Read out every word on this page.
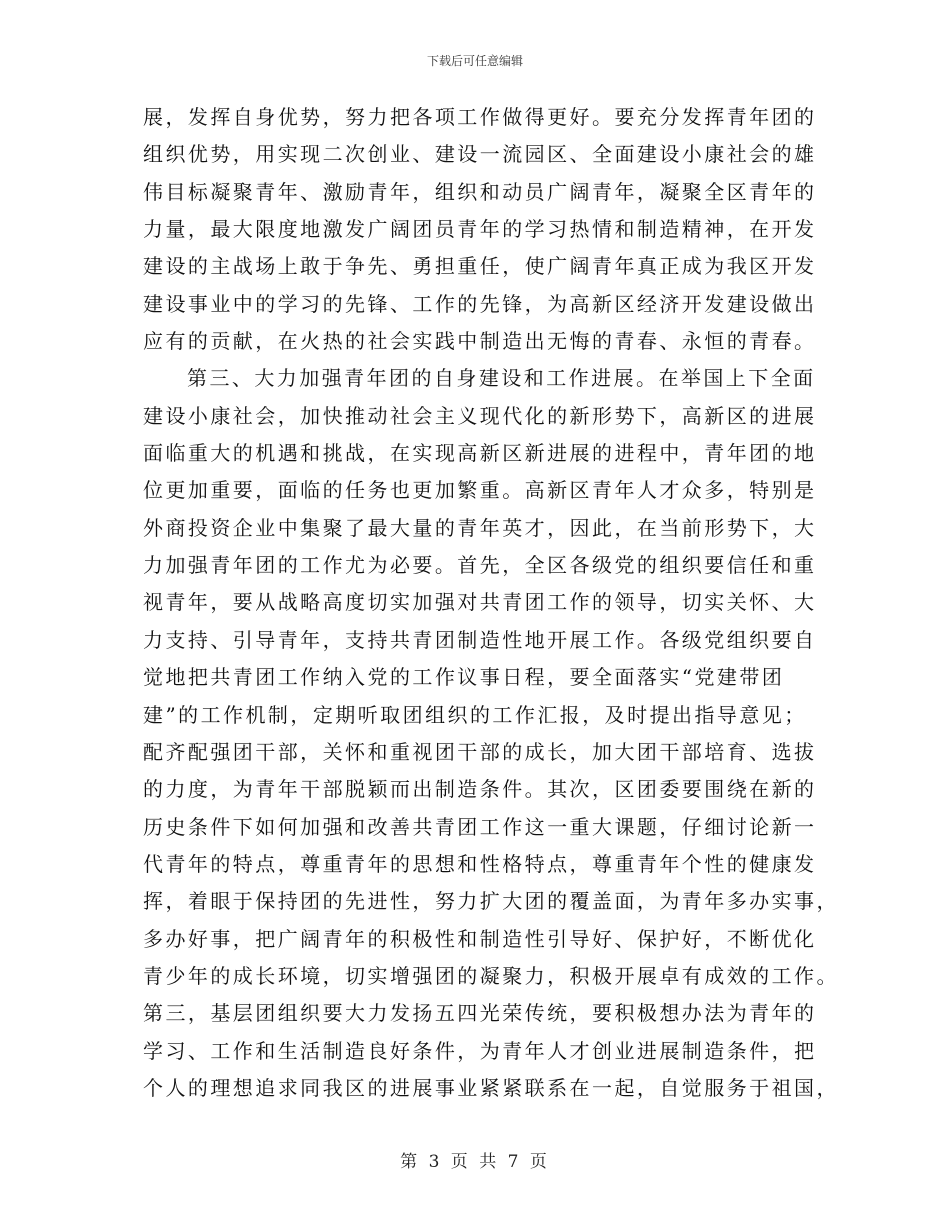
下载后可任意编辑
展，发挥自身优势，努力把各项工作做得更好。要充分发挥青年团的
组织优势，用实现二次创业、建设一流园区、全面建设小康社会的雄
伟目标凝聚青年、激励青年，组织和动员广阔青年，凝聚全区青年的
力量，最大限度地激发广阔团员青年的学习热情和制造精神，在开发
建设的主战场上敢于争先、勇担重任，使广阔青年真正成为我区开发
建设事业中的学习的先锋、工作的先锋，为高新区经济开发建设做出
应有的贡献，在火热的社会实践中制造出无悔的青春、永恒的青春。
第三、大力加强青年团的自身建设和工作进展。在举国上下全面
建设小康社会，加快推动社会主义现代化的新形势下，高新区的进展
面临重大的机遇和挑战，在实现高新区新进展的进程中，青年团的地
位更加重要，面临的任务也更加繁重。高新区青年人才众多，特别是
外商投资企业中集聚了最大量的青年英才，因此，在当前形势下，大
力加强青年团的工作尤为必要。首先，全区各级党的组织要信任和重
视青年，要从战略高度切实加强对共青团工作的领导，切实关怀、大
力支持、引导青年，支持共青团制造性地开展工作。各级党组织要自
觉地把共青团工作纳入党的工作议事日程，要全面落实“党建带团
建”的工作机制，定期听取团组织的工作汇报，及时提出指导意见；
配齐配强团干部，关怀和重视团干部的成长，加大团干部培育、选拔
的力度，为青年干部脱颖而出制造条件。其次，区团委要围绕在新的
历史条件下如何加强和改善共青团工作这一重大课题，仔细讨论新一
代青年的特点，尊重青年的思想和性格特点，尊重青年个性的健康发
挥，着眼于保持团的先进性，努力扩大团的覆盖面，为青年多办实事，
多办好事，把广阔青年的积极性和制造性引导好、保护好，不断优化
青少年的成长环境，切实增强团的凝聚力，积极开展卓有成效的工作。
第三，基层团组织要大力发扬五四光荣传统，要积极想办法为青年的
学习、工作和生活制造良好条件，为青年人才创业进展制造条件，把
个人的理想追求同我区的进展事业紧紧联系在一起，自觉服务于祖国，
第 3 页 共 7 页
